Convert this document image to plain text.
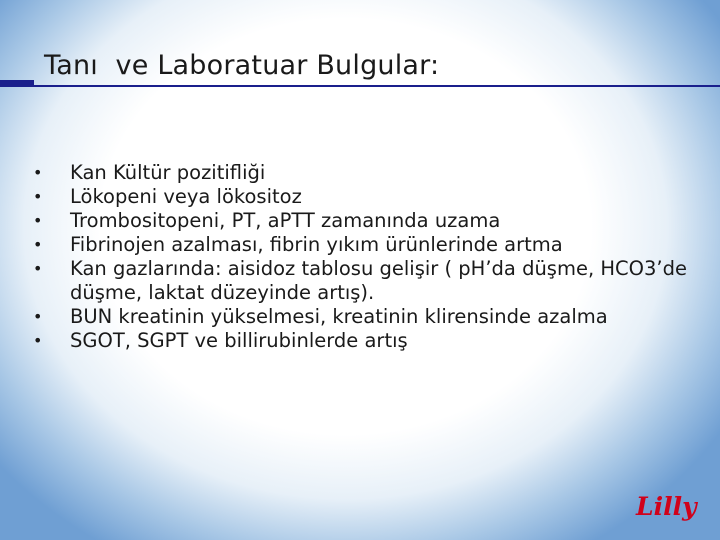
Tanı  ve Laboratuar Bulgular:
• Kan Kültür pozitifliği
• Lökopeni veya lökositoz
• Trombositopeni, PT, aPTT zamanında uzama
• Fibrinojen azalması, fibrin yıkım ürünlerinde artma
• Kan gazlarında: aisidoz tablosu gelişir ( pH’da düşme, HCO3’de düşme, laktat düzeyinde artış).
• BUN kreatinin yükselmesi, kreatinin klirensinde azalma
• SGOT, SGPT ve billirubinlerde artış
Lilly
